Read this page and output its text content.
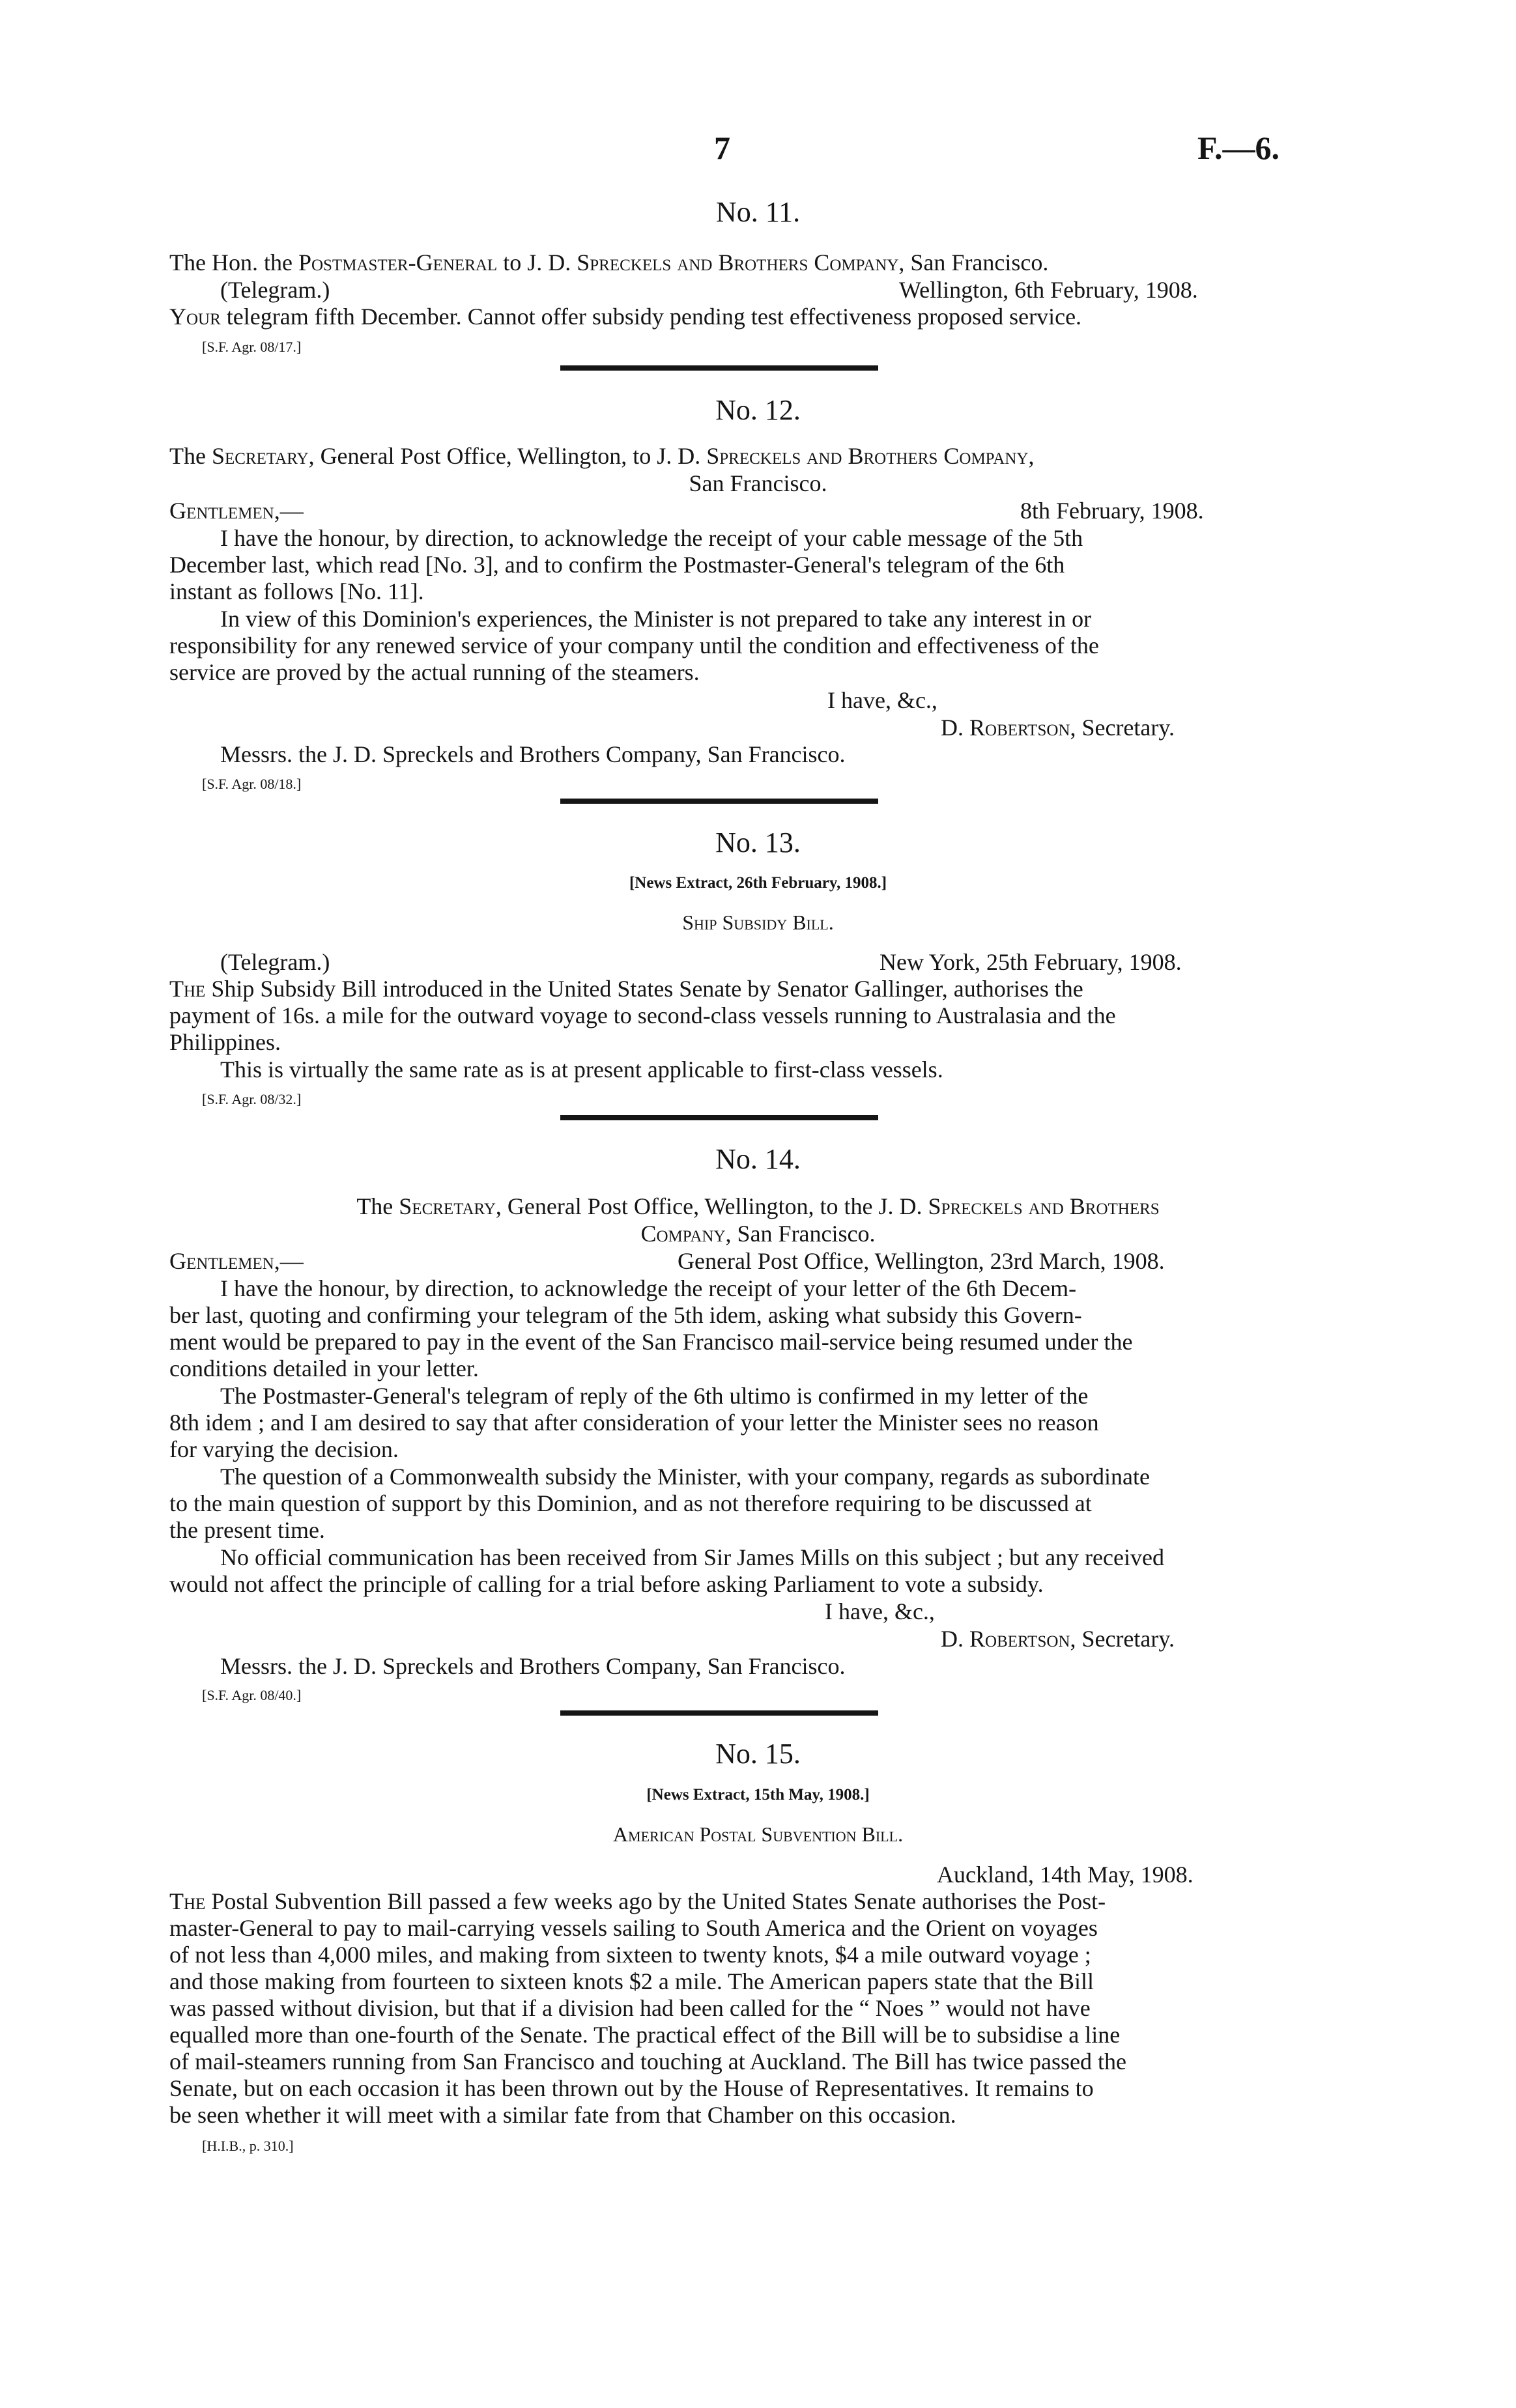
7	F.—6.
No. 11.
The Hon. the Postmaster-General to J. D. Spreckels and Brothers Company, San Francisco.
(Telegram.)	Wellington, 6th February, 1908.
Your telegram fifth December. Cannot offer subsidy pending test effectiveness proposed service.
[S.F. Agr. 08/17.]
No. 12.
The Secretary, General Post Office, Wellington, to J. D. Spreckels and Brothers Company,
San Francisco.
Gentlemen,—	8th February, 1908.
I have the honour, by direction, to acknowledge the receipt of your cable message of the 5th
December last, which read [No. 3], and to confirm the Postmaster-General's telegram of the 6th
instant as follows [No. 11].
In view of this Dominion's experiences, the Minister is not prepared to take any interest in or
responsibility for any renewed service of your company until the condition and effectiveness of the
service are proved by the actual running of the steamers.
I have, &c.,
D. Robertson, Secretary.
Messrs. the J. D. Spreckels and Brothers Company, San Francisco.
[S.F. Agr. 08/18.]
No. 13.
[News Extract, 26th February, 1908.]
Ship Subsidy Bill.
(Telegram.)	New York, 25th February, 1908.
The Ship Subsidy Bill introduced in the United States Senate by Senator Gallinger, authorises the
payment of 16s. a mile for the outward voyage to second-class vessels running to Australasia and the
Philippines.
This is virtually the same rate as is at present applicable to first-class vessels.
[S.F. Agr. 08/32.]
No. 14.
The Secretary, General Post Office, Wellington, to the J. D. Spreckels and Brothers
Company, San Francisco.
Gentlemen,—	General Post Office, Wellington, 23rd March, 1908.
I have the honour, by direction, to acknowledge the receipt of your letter of the 6th Decem-
ber last, quoting and confirming your telegram of the 5th idem, asking what subsidy this Govern-
ment would be prepared to pay in the event of the San Francisco mail-service being resumed under the
conditions detailed in your letter.
The Postmaster-General's telegram of reply of the 6th ultimo is confirmed in my letter of the
8th idem ; and I am desired to say that after consideration of your letter the Minister sees no reason
for varying the decision.
The question of a Commonwealth subsidy the Minister, with your company, regards as subordinate
to the main question of support by this Dominion, and as not therefore requiring to be discussed at
the present time.
No official communication has been received from Sir James Mills on this subject ; but any received
would not affect the principle of calling for a trial before asking Parliament to vote a subsidy.
I have, &c.,
D. Robertson, Secretary.
Messrs. the J. D. Spreckels and Brothers Company, San Francisco.
[S.F. Agr. 08/40.]
No. 15.
[News Extract, 15th May, 1908.]
American Postal Subvention Bill.
Auckland, 14th May, 1908.
The Postal Subvention Bill passed a few weeks ago by the United States Senate authorises the Post-
master-General to pay to mail-carrying vessels sailing to South America and the Orient on voyages
of not less than 4,000 miles, and making from sixteen to twenty knots, $4 a mile outward voyage ;
and those making from fourteen to sixteen knots $2 a mile. The American papers state that the Bill
was passed without division, but that if a division had been called for the “ Noes ” would not have
equalled more than one-fourth of the Senate. The practical effect of the Bill will be to subsidise a line
of mail-steamers running from San Francisco and touching at Auckland. The Bill has twice passed the
Senate, but on each occasion it has been thrown out by the House of Representatives. It remains to
be seen whether it will meet with a similar fate from that Chamber on this occasion.
[H.I.B., p. 310.]
